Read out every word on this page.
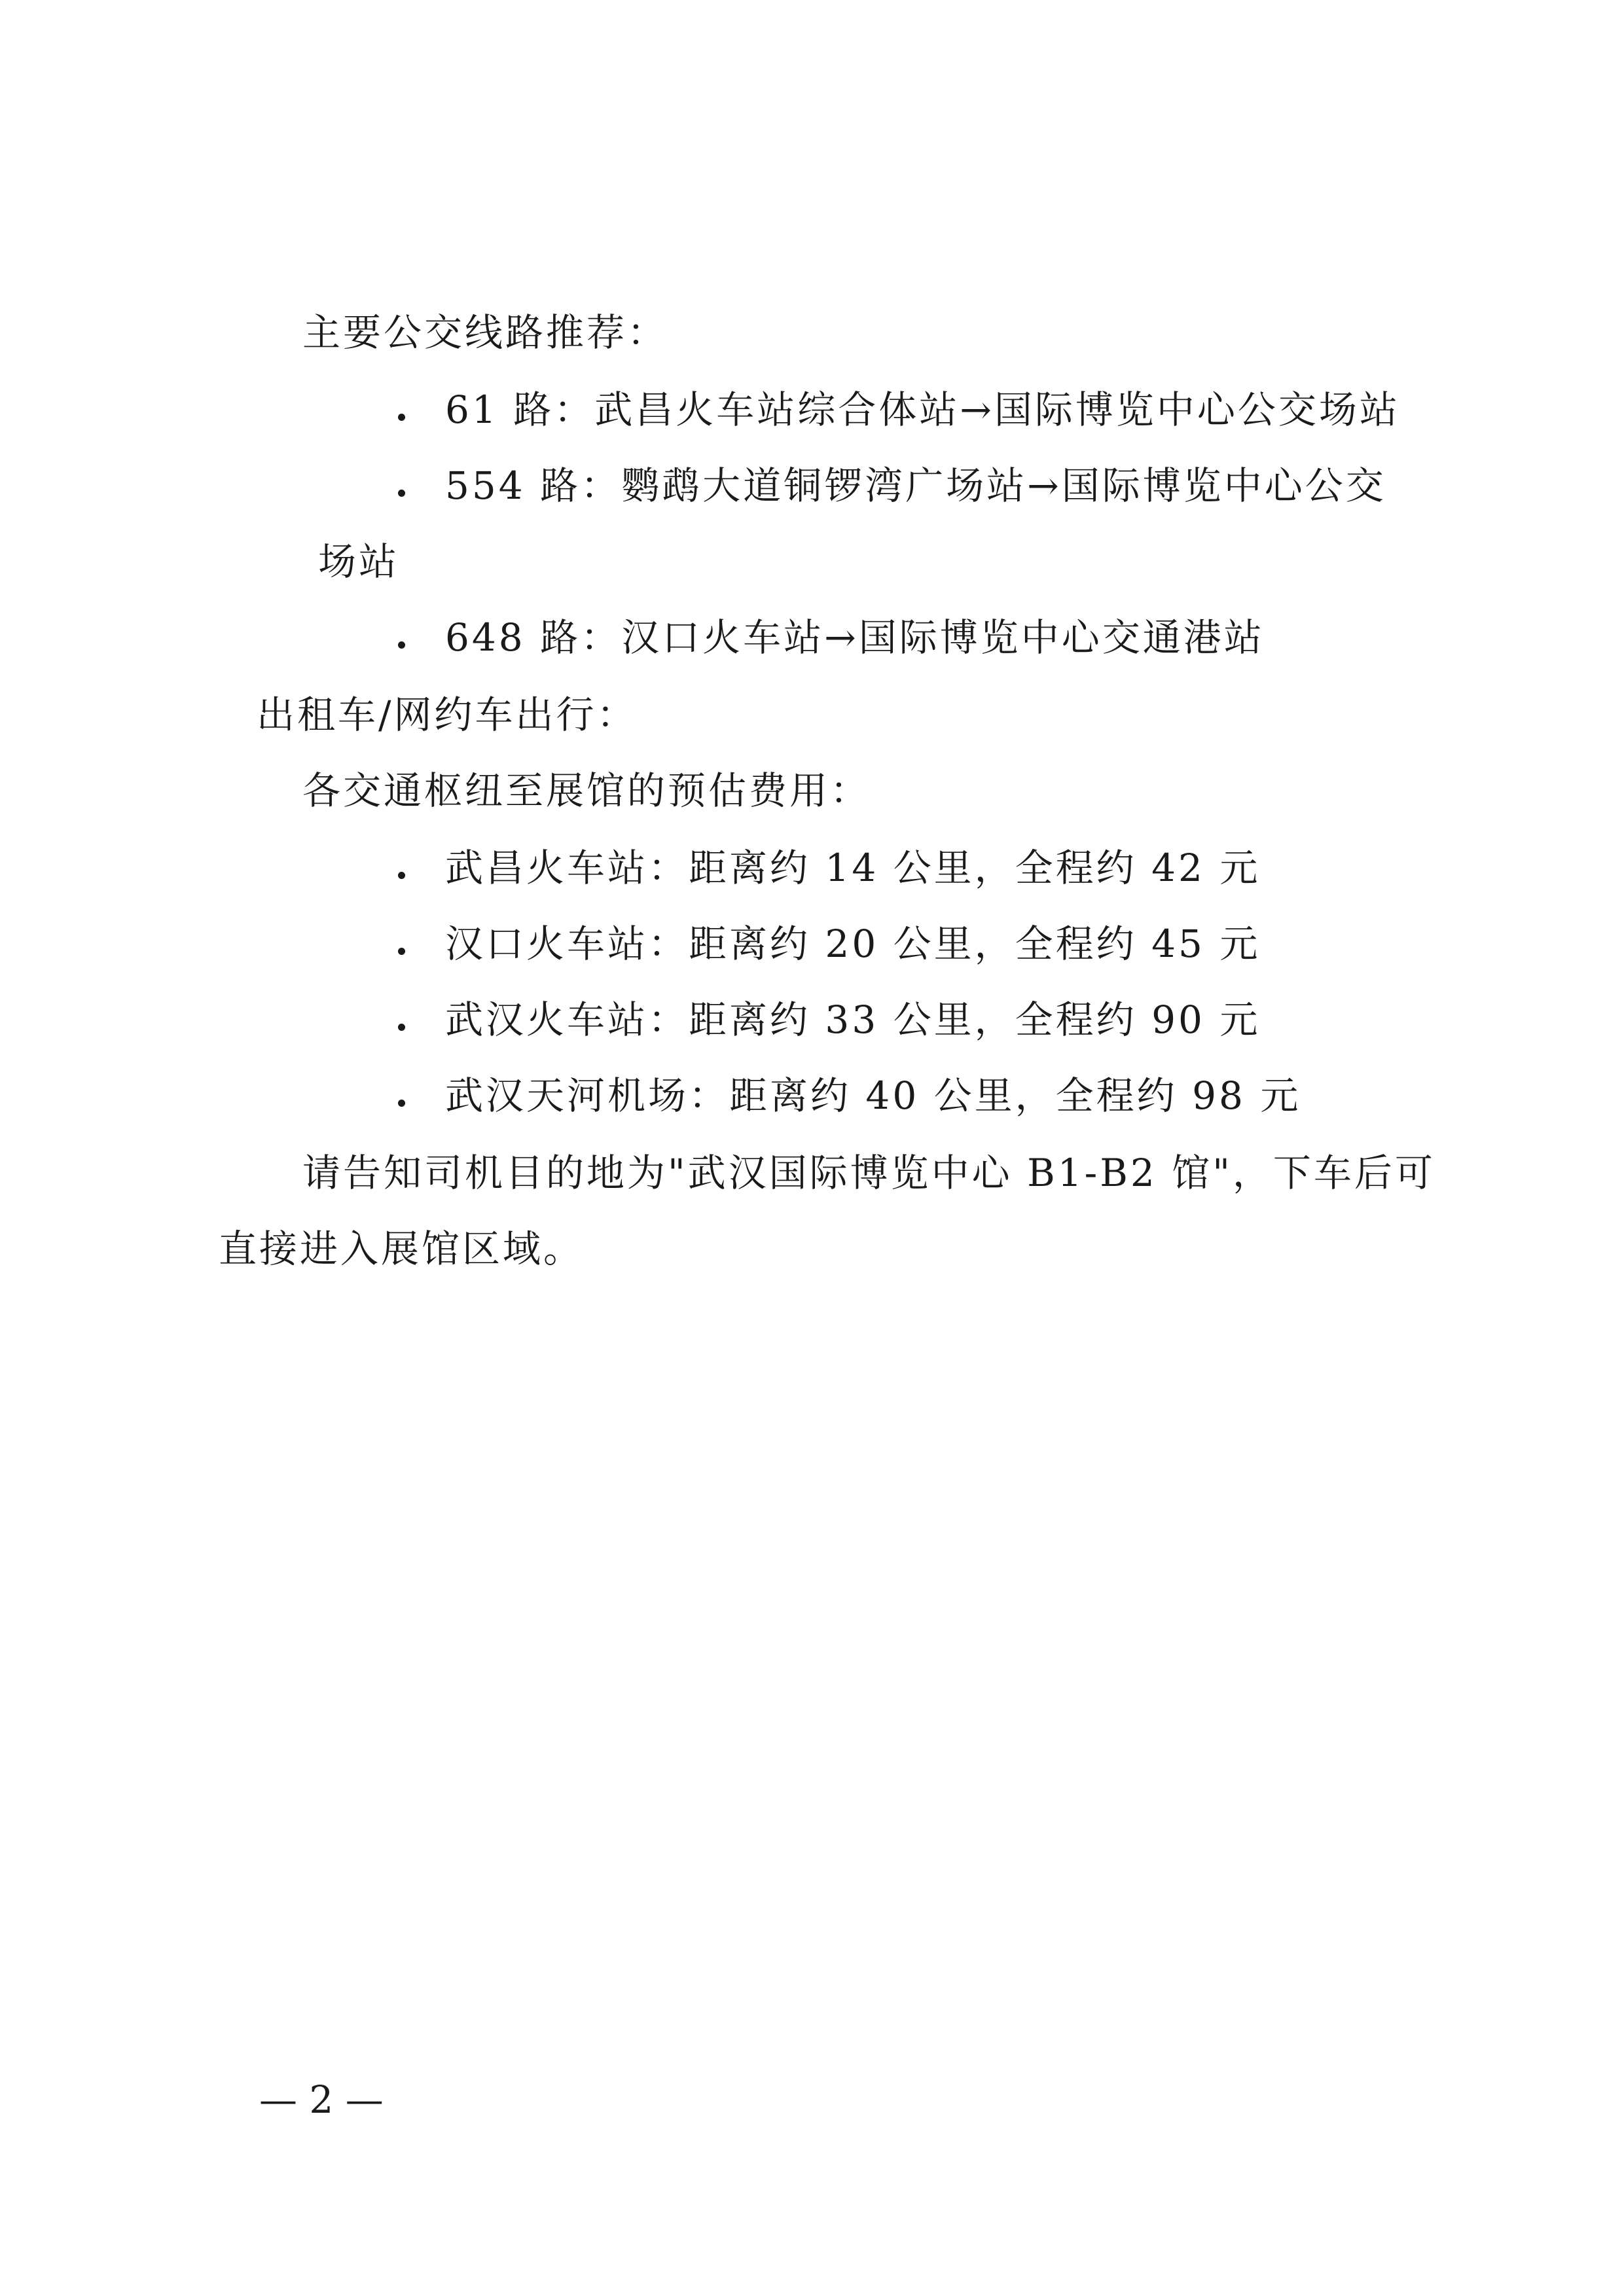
主要公交线路推荐：
61 路：武昌火车站综合体站→国际博览中心公交场站
554 路：鹦鹉大道铜锣湾广场站→国际博览中心公交
场站
648 路：汉口火车站→国际博览中心交通港站
出租车/网约车出行：
各交通枢纽至展馆的预估费用：
武昌火车站：距离约 14 公里，全程约 42 元
汉口火车站：距离约 20 公里，全程约 45 元
武汉火车站：距离约 33 公里，全程约 90 元
武汉天河机场：距离约 40 公里，全程约 98 元
请告知司机目的地为"武汉国际博览中心 B1-B2 馆"，下车后可
直接进入展馆区域。
— 2 —
